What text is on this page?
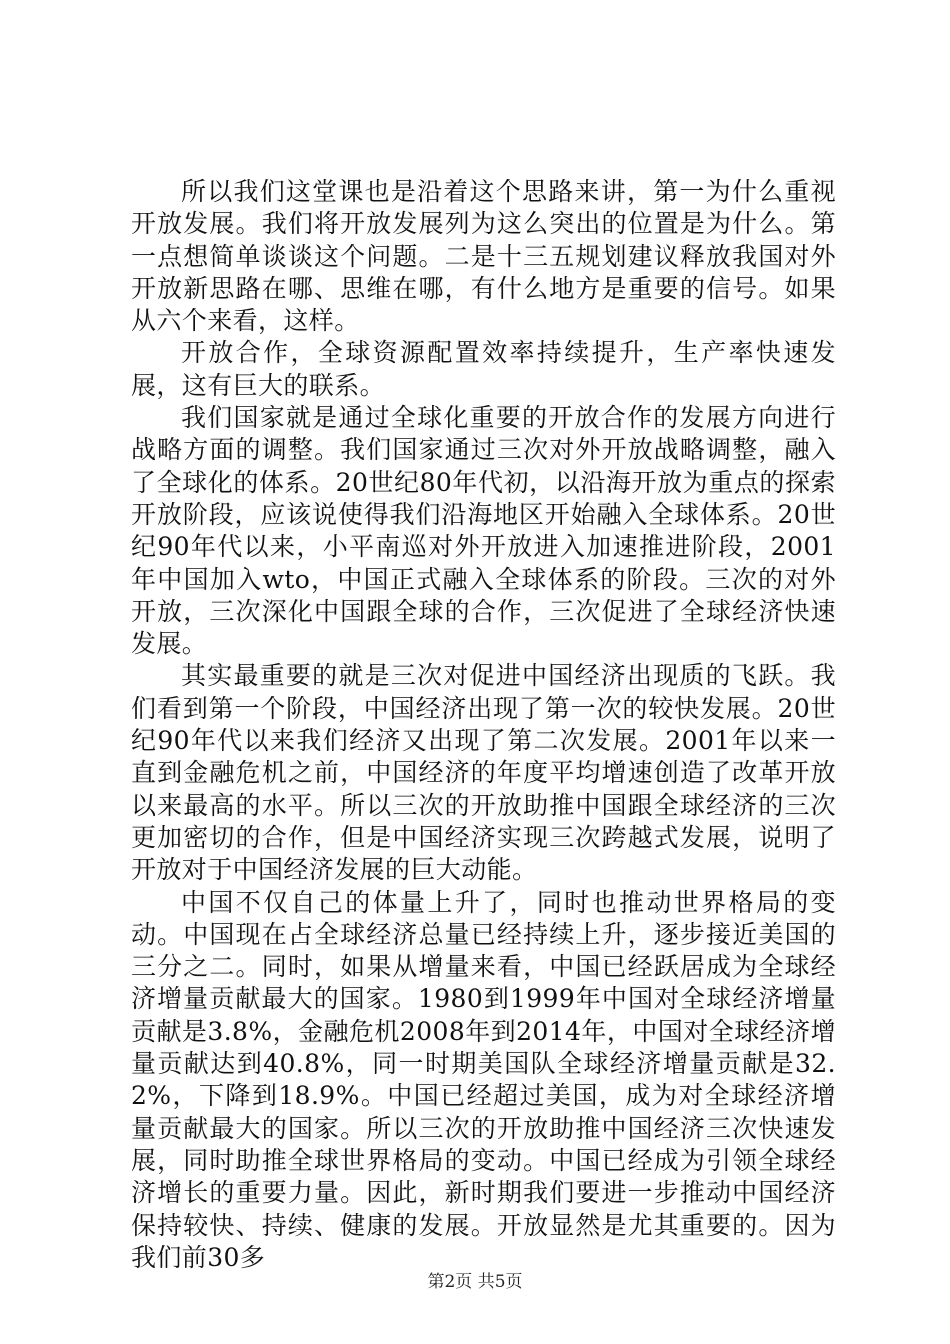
所以我们这堂课也是沿着这个思路来讲，第一为什么重视开放发展。我们将开放发展列为这么突出的位置是为什么。第一点想简单谈谈这个问题。二是十三五规划建议释放我国对外开放新思路在哪、思维在哪，有什么地方是重要的信号。如果从六个来看，这样。

开放合作，全球资源配置效率持续提升，生产率快速发展，这有巨大的联系。

我们国家就是通过全球化重要的开放合作的发展方向进行战略方面的调整。我们国家通过三次对外开放战略调整，融入了全球化的体系。20世纪80年代初，以沿海开放为重点的探索开放阶段，应该说使得我们沿海地区开始融入全球体系。20世纪90年代以来，小平南巡对外开放进入加速推进阶段，2001年中国加入wto，中国正式融入全球体系的阶段。三次的对外开放，三次深化中国跟全球的合作，三次促进了全球经济快速发展。

其实最重要的就是三次对促进中国经济出现质的飞跃。我们看到第一个阶段，中国经济出现了第一次的较快发展。20世纪90年代以来我们经济又出现了第二次发展。2001年以来一直到金融危机之前，中国经济的年度平均增速创造了改革开放以来最高的水平。所以三次的开放助推中国跟全球经济的三次更加密切的合作，但是中国经济实现三次跨越式发展，说明了开放对于中国经济发展的巨大动能。

中国不仅自己的体量上升了，同时也推动世界格局的变动。中国现在占全球经济总量已经持续上升，逐步接近美国的三分之二。同时，如果从增量来看，中国已经跃居成为全球经济增量贡献最大的国家。1980到1999年中国对全球经济增量贡献是3.8%，金融危机2008年到2014年，中国对全球经济增量贡献达到40.8%，同一时期美国队全球经济增量贡献是32.2%，下降到18.9%。中国已经超过美国，成为对全球经济增量贡献最大的国家。所以三次的开放助推中国经济三次快速发展，同时助推全球世界格局的变动。中国已经成为引领全球经济增长的重要力量。因此，新时期我们要进一步推动中国经济保持较快、持续、健康的发展。开放显然是尤其重要的。因为我们前30多

第2页 共5页
